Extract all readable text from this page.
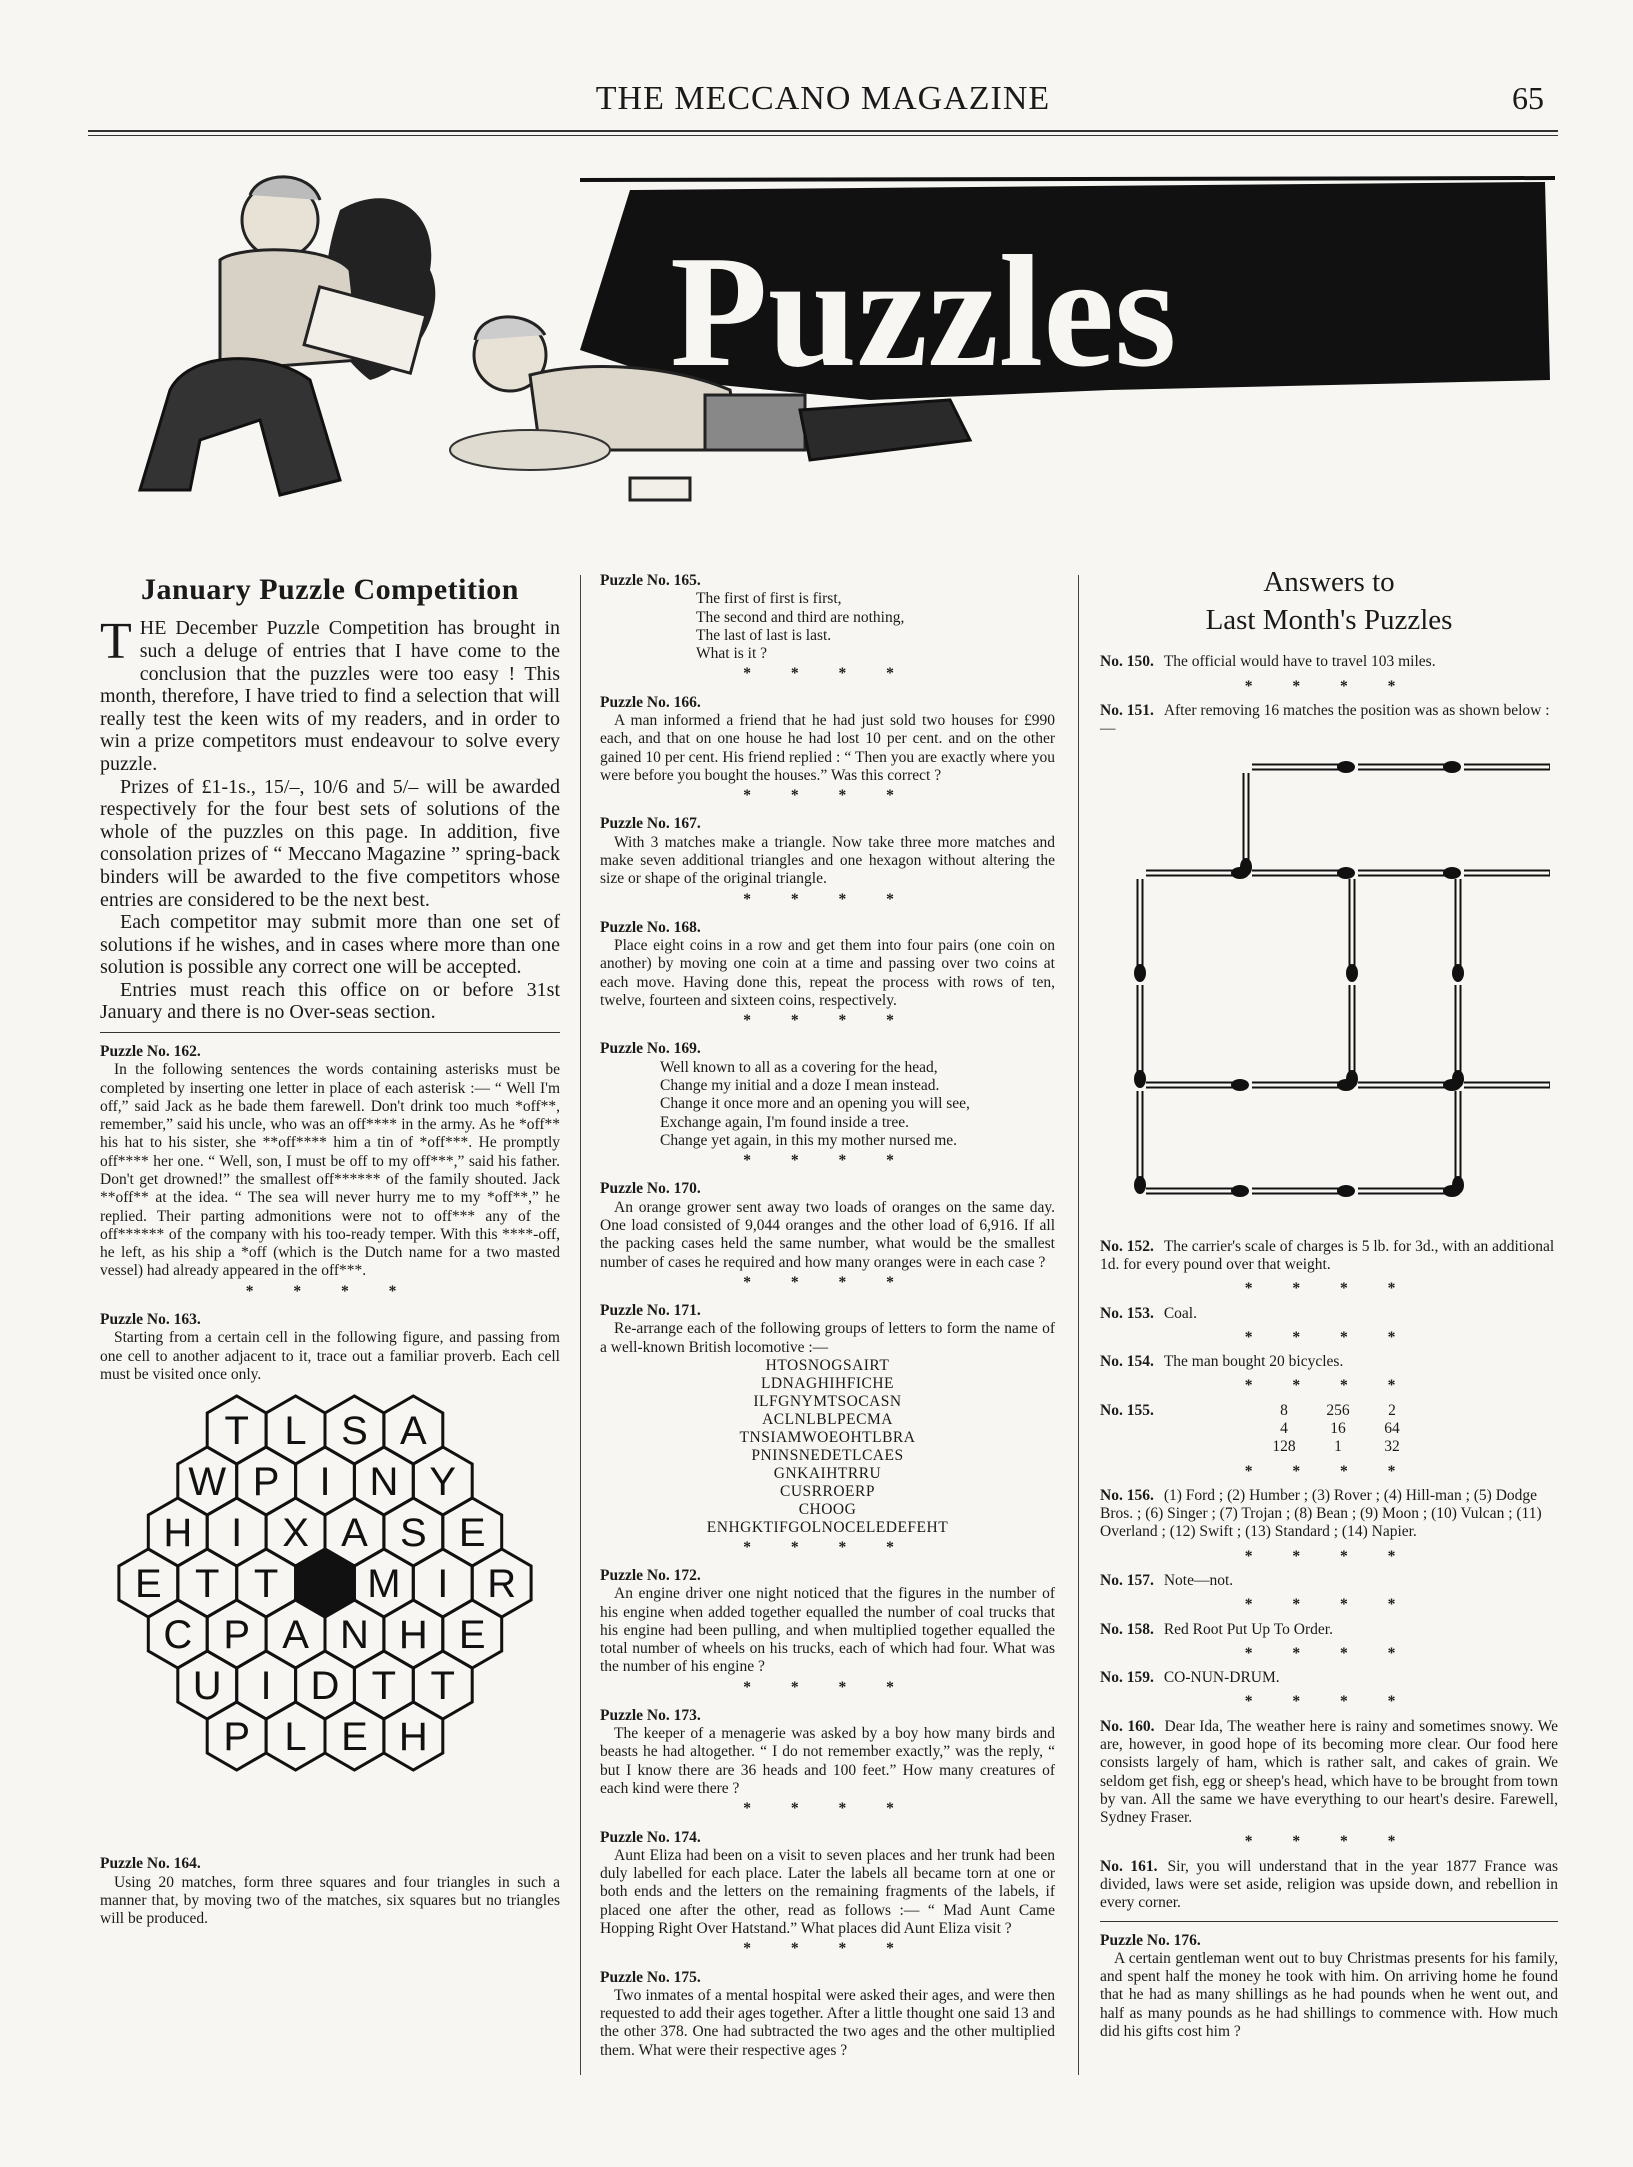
THE MECCANO MAGAZINE	65
Puzzles
January Puzzle Competition

THE December Puzzle Competition has brought in such a deluge of entries that I have come to the conclusion that the puzzles were too easy ! This month, therefore, I have tried to find a selection that will really test the keen wits of my readers, and in order to win a prize competitors must endeavour to solve every puzzle.

Prizes of £1-1s., 15/–, 10/6 and 5/– will be awarded respectively for the four best sets of solutions of the whole of the puzzles on this page. In addition, five consolation prizes of “ Meccano Magazine ” spring-back binders will be awarded to the five competitors whose entries are considered to be the next best.

Each competitor may submit more than one set of solutions if he wishes, and in cases where more than one solution is possible any correct one will be accepted.

Entries must reach this office on or before 31st January and there is no Over-seas section.

Puzzle No. 162.
In the following sentences the words containing asterisks must be completed by inserting one letter in place of each asterisk :— “ Well I'm off,” said Jack as he bade them farewell. Don't drink too much *off**, remember,” said his uncle, who was an off**** in the army. As he *off** his hat to his sister, she **off**** him a tin of *off***. He promptly off**** her one. “ Well, son, I must be off to my off***,” said his father. Don't get drowned!” the smallest off****** of the family shouted. Jack **off** at the idea. “ The sea will never hurry me to my *off**,” he replied. Their parting admonitions were not to off*** any of the off****** of the company with his too-ready temper. With this ****-off, he left, as his ship a *off (which is the Dutch name for a two masted vessel) had already appeared in the off***.
* * * *
Puzzle No. 163.
Starting from a certain cell in the following figure, and passing from one cell to another adjacent to it, trace out a familiar proverb. Each cell must be visited once only.
T L S A
W P I N Y
H I X A S E
E T T M I R
C P A N H E
U I D T T
P L E H
Puzzle No. 164.
Using 20 matches, form three squares and four triangles in such a manner that, by moving two of the matches, six squares but no triangles will be produced.
Puzzle No. 165.
The first of first is first,
The second and third are nothing,
The last of last is last.
What is it ?
* * * *
Puzzle No. 166.
A man informed a friend that he had just sold two houses for £990 each, and that on one house he had lost 10 per cent. and on the other gained 10 per cent. His friend replied : “ Then you are exactly where you were before you bought the houses.” Was this correct ?
* * * *
Puzzle No. 167.
With 3 matches make a triangle. Now take three more matches and make seven additional triangles and one hexagon without altering the size or shape of the original triangle.
* * * *
Puzzle No. 168.
Place eight coins in a row and get them into four pairs (one coin on another) by moving one coin at a time and passing over two coins at each move. Having done this, repeat the process with rows of ten, twelve, fourteen and sixteen coins, respectively.
* * * *
Puzzle No. 169.
Well known to all as a covering for the head,
Change my initial and a doze I mean instead.
Change it once more and an opening you will see,
Exchange again, I'm found inside a tree.
Change yet again, in this my mother nursed me.
* * * *
Puzzle No. 170.
An orange grower sent away two loads of oranges on the same day. One load consisted of 9,044 oranges and the other load of 6,916. If all the packing cases held the same number, what would be the smallest number of cases he required and how many oranges were in each case ?
* * * *
Puzzle No. 171.
Re-arrange each of the following groups of letters to form the name of a well-known British locomotive :—
HTOSNOGSAIRT
LDNAGHIHFICHE
ILFGNYMTSOCASN
ACLNLBLPECMA
TNSIAMWOEOHTLBRA
PNINSNEDETLCAES
GNKAIHTRRU
CUSRROERP
CHOOG
ENHGKTIFGOLNOCELEDEFEHT
* * * *
Puzzle No. 172.
An engine driver one night noticed that the figures in the number of his engine when added together equalled the number of coal trucks that his engine had been pulling, and when multiplied together equalled the total number of wheels on his trucks, each of which had four. What was the number of his engine ?
* * * *
Puzzle No. 173.
The keeper of a menagerie was asked by a boy how many birds and beasts he had altogether. “ I do not remember exactly,” was the reply, “ but I know there are 36 heads and 100 feet.” How many creatures of each kind were there ?
* * * *
Puzzle No. 174.
Aunt Eliza had been on a visit to seven places and her trunk had been duly labelled for each place. Later the labels all became torn at one or both ends and the letters on the remaining fragments of the labels, if placed one after the other, read as follows :— “ Mad Aunt Came Hopping Right Over Hatstand.” What places did Aunt Eliza visit ?
* * * *
Puzzle No. 175.
Two inmates of a mental hospital were asked their ages, and were then requested to add their ages together. After a little thought one said 13 and the other 378. One had subtracted the two ages and the other multiplied them. What were their respective ages ?
Answers to
Last Month's Puzzles
No. 150. The official would have to travel 103 miles.
* * * *
No. 151. After removing 16 matches the position was as shown below :—
No. 152. The carrier's scale of charges is 5 lb. for 3d., with an additional 1d. for every pound over that weight.
* * * *
No. 153. Coal.
* * * *
No. 154. The man bought 20 bicycles.
* * * *
No. 155.	8	256	2
4	16	64
128	1	32
* * * *
No. 156. (1) Ford ; (2) Humber ; (3) Rover ; (4) Hill-man ; (5) Dodge Bros. ; (6) Singer ; (7) Trojan ; (8) Bean ; (9) Moon ; (10) Vulcan ; (11) Overland ; (12) Swift ; (13) Standard ; (14) Napier.
* * * *
No. 157. Note—not.
* * * *
No. 158. Red Root Put Up To Order.
* * * *
No. 159. CO-NUN-DRUM.
* * * *
No. 160. Dear Ida, The weather here is rainy and sometimes snowy. We are, however, in good hope of its becoming more clear. Our food here consists largely of ham, which is rather salt, and cakes of grain. We seldom get fish, egg or sheep's head, which have to be brought from town by van. All the same we have everything to our heart's desire. Farewell, Sydney Fraser.
* * * *
No. 161. Sir, you will understand that in the year 1877 France was divided, laws were set aside, religion was upside down, and rebellion in every corner.
Puzzle No. 176.
A certain gentleman went out to buy Christmas presents for his family, and spent half the money he took with him. On arriving home he found that he had as many shillings as he had pounds when he went out, and half as many pounds as he had shillings to commence with. How much did his gifts cost him ?
